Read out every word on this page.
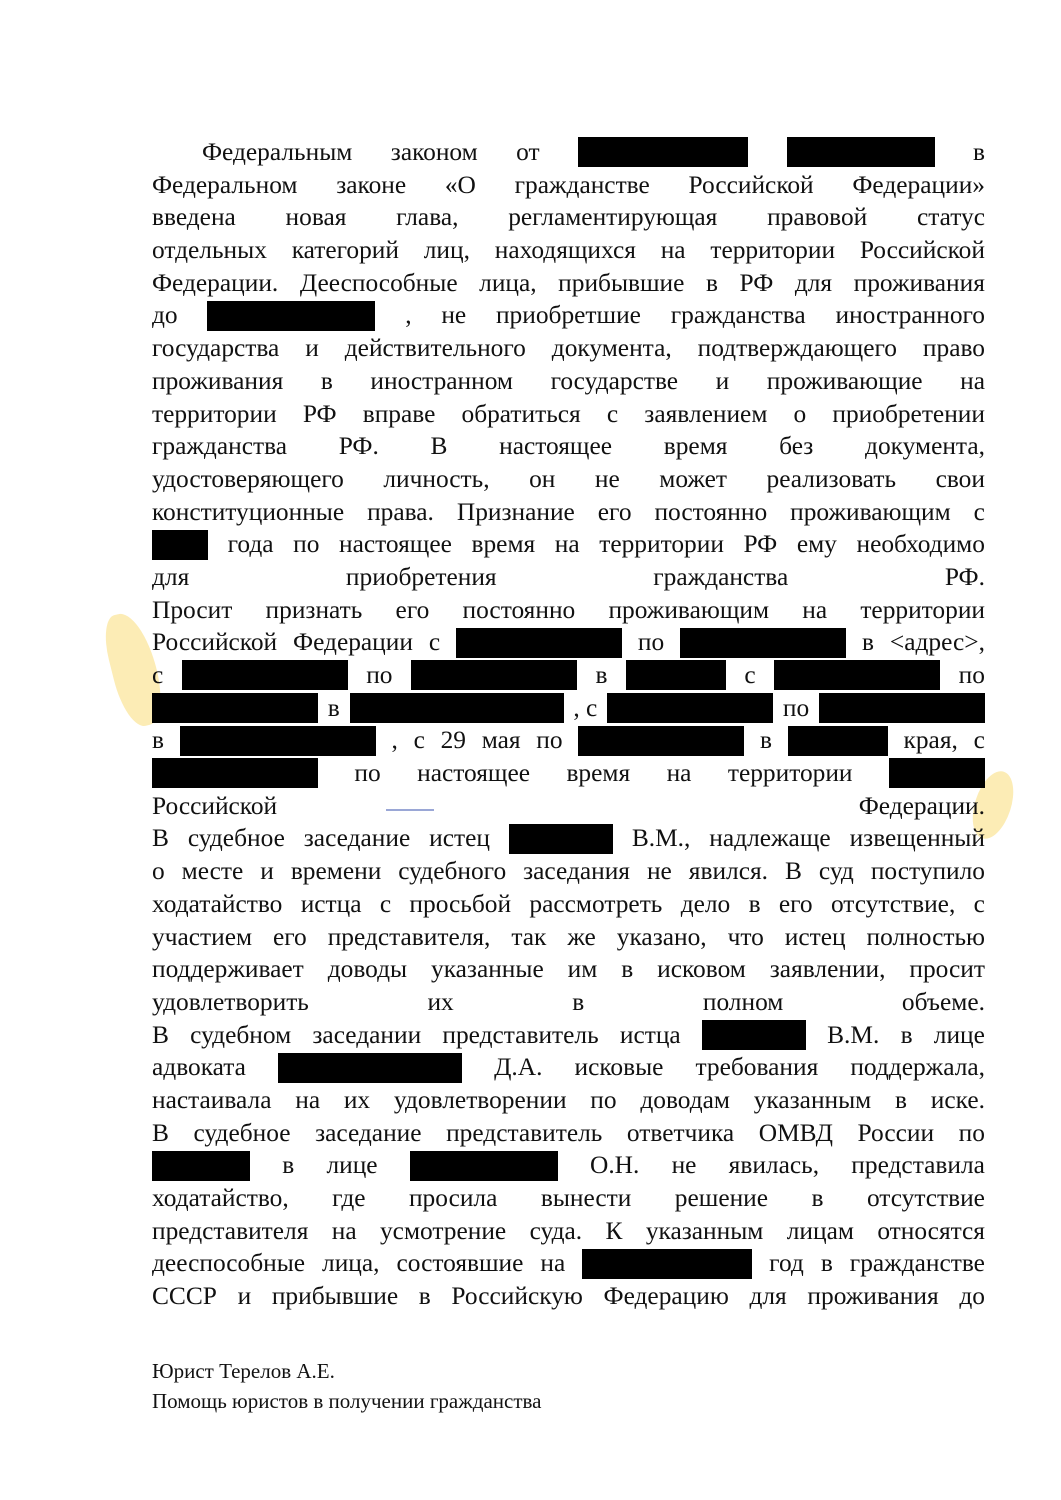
Федеральным законом от	в
Федеральном законе «О гражданстве Российской Федерации»
введена новая глава, регламентирующая правовой статус
отдельных категорий лиц, находящихся на территории Российской
Федерации. Дееспособные лица, прибывшие в РФ для проживания
до	, не приобретшие гражданства иностранного
государства и действительного документа, подтверждающего право
проживания в иностранном государстве и проживающие на
территории РФ вправе обратиться с заявлением о приобретении
гражданства РФ. В настоящее время без документа,
удостоверяющего личность, он не может реализовать свои
конституционные права. Признание его постоянно проживающим с
года по настоящее время на территории РФ ему необходимо
для	приобретения	гражданства	РФ.
Просит признать его постоянно проживающим на территории
Российской Федерации с	по	в <адрес>,
с	по	в	с	по
в	, с	по
в	, с 29 мая по	в	края, с
по настоящее время на территории
Российской	Федерации.
В судебное заседание истец	В.М., надлежаще извещенный
о месте и времени судебного заседания не явился. В суд поступило
ходатайство истца с просьбой рассмотреть дело в его отсутствие, с
участием его представителя, так же указано, что истец полностью
поддерживает доводы указанные им в исковом заявлении, просит
удовлетворить	их	в	полном	объеме.
В судебном заседании представитель истца	В.М. в лице
адвоката	Д.А. исковые требования поддержала,
настаивала на их удовлетворении по доводам указанным в иске.
В судебное заседание представитель ответчика ОМВД России по
в лице	О.Н. не явилась, представила
ходатайство, где просила вынести решение в отсутствие
представителя на усмотрение суда. К указанным лицам относятся
дееспособные лица, состоявшие на	год в гражданстве
СССР и прибывшие в Российскую Федерацию для проживания до
Юрист Терелов А.Е.
Помощь юристов в получении гражданства
